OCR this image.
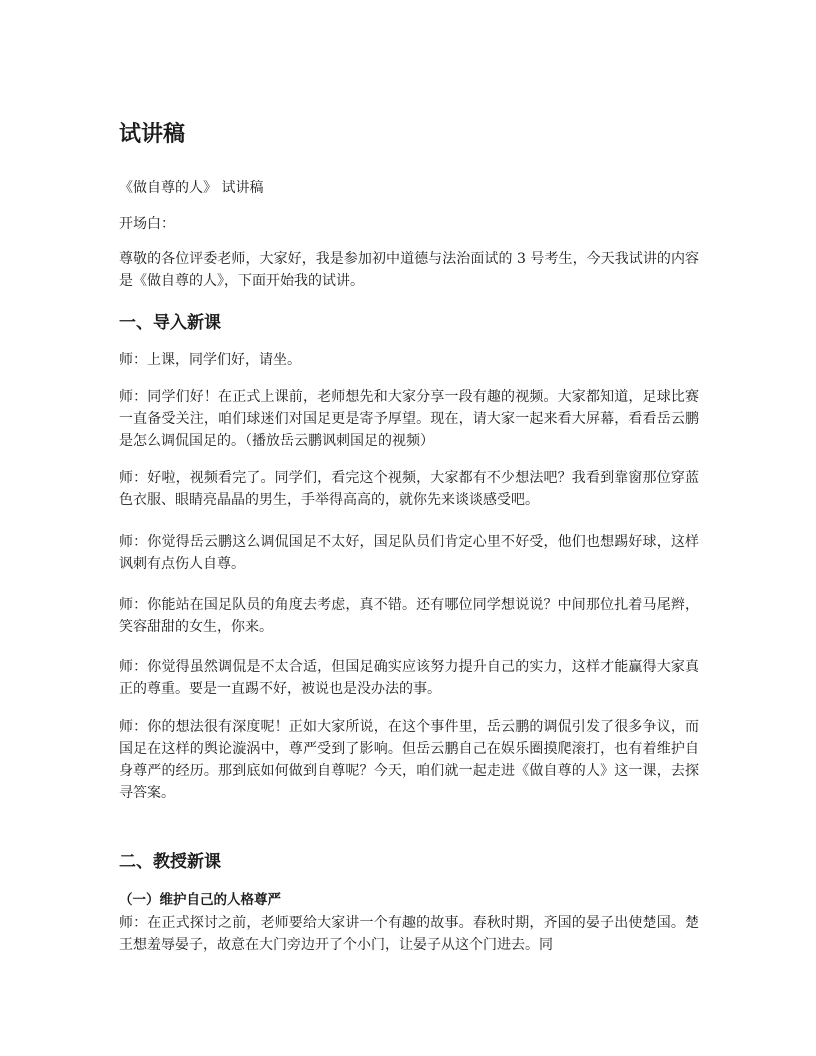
试讲稿

《做自尊的人》 试讲稿

开场白：

尊敬的各位评委老师，大家好，我是参加初中道德与法治面试的 3 号考生，今天我试讲的内容是《做自尊的人》，下面开始我的试讲。

一、导入新课

师：上课，同学们好，请坐。

师：同学们好！在正式上课前，老师想先和大家分享一段有趣的视频。大家都知道，足球比赛一直备受关注，咱们球迷们对国足更是寄予厚望。现在，请大家一起来看大屏幕，看看岳云鹏是怎么调侃国足的。（播放岳云鹏讽刺国足的视频）

师：好啦，视频看完了。同学们，看完这个视频，大家都有不少想法吧？我看到靠窗那位穿蓝色衣服、眼睛亮晶晶的男生，手举得高高的，就你先来谈谈感受吧。

师：你觉得岳云鹏这么调侃国足不太好，国足队员们肯定心里不好受，他们也想踢好球，这样讽刺有点伤人自尊。

师：你能站在国足队员的角度去考虑，真不错。还有哪位同学想说说？中间那位扎着马尾辫，笑容甜甜的女生，你来。

师：你觉得虽然调侃是不太合适，但国足确实应该努力提升自己的实力，这样才能赢得大家真正的尊重。要是一直踢不好，被说也是没办法的事。

师：你的想法很有深度呢！正如大家所说，在这个事件里，岳云鹏的调侃引发了很多争议，而国足在这样的舆论漩涡中，尊严受到了影响。但岳云鹏自己在娱乐圈摸爬滚打，也有着维护自身尊严的经历。那到底如何做到自尊呢？今天，咱们就一起走进《做自尊的人》这一课，去探寻答案。

二、教授新课
（一）维护自己的人格尊严

师：在正式探讨之前，老师要给大家讲一个有趣的故事。春秋时期，齐国的晏子出使楚国。楚王想羞辱晏子，故意在大门旁边开了个小门，让晏子从这个门进去。同
